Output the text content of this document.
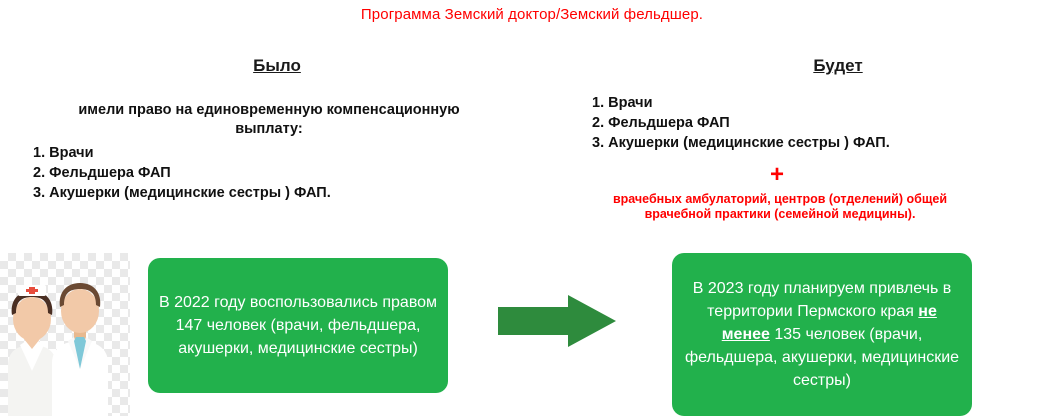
Программа Земский доктор/Земский фельдшер.
Было	Будет
имели право на единовременную компенсационную выплату:
1. Врачи
2. Фельдшера ФАП
3. Акушерки (медицинские сестры ) ФАП.
1. Врачи
2. Фельдшера ФАП
3. Акушерки (медицинские сестры ) ФАП.
+
врачебных амбулаторий, центров (отделений) общей врачебной практики (семейной медицины).
В 2022 году воспользовались правом 147 человек (врачи, фельдшера, акушерки, медицинские сестры)
В 2023 году планируем привлечь в территории Пермского края не менее 135 человек (врачи, фельдшера, акушерки, медицинские сестры)
